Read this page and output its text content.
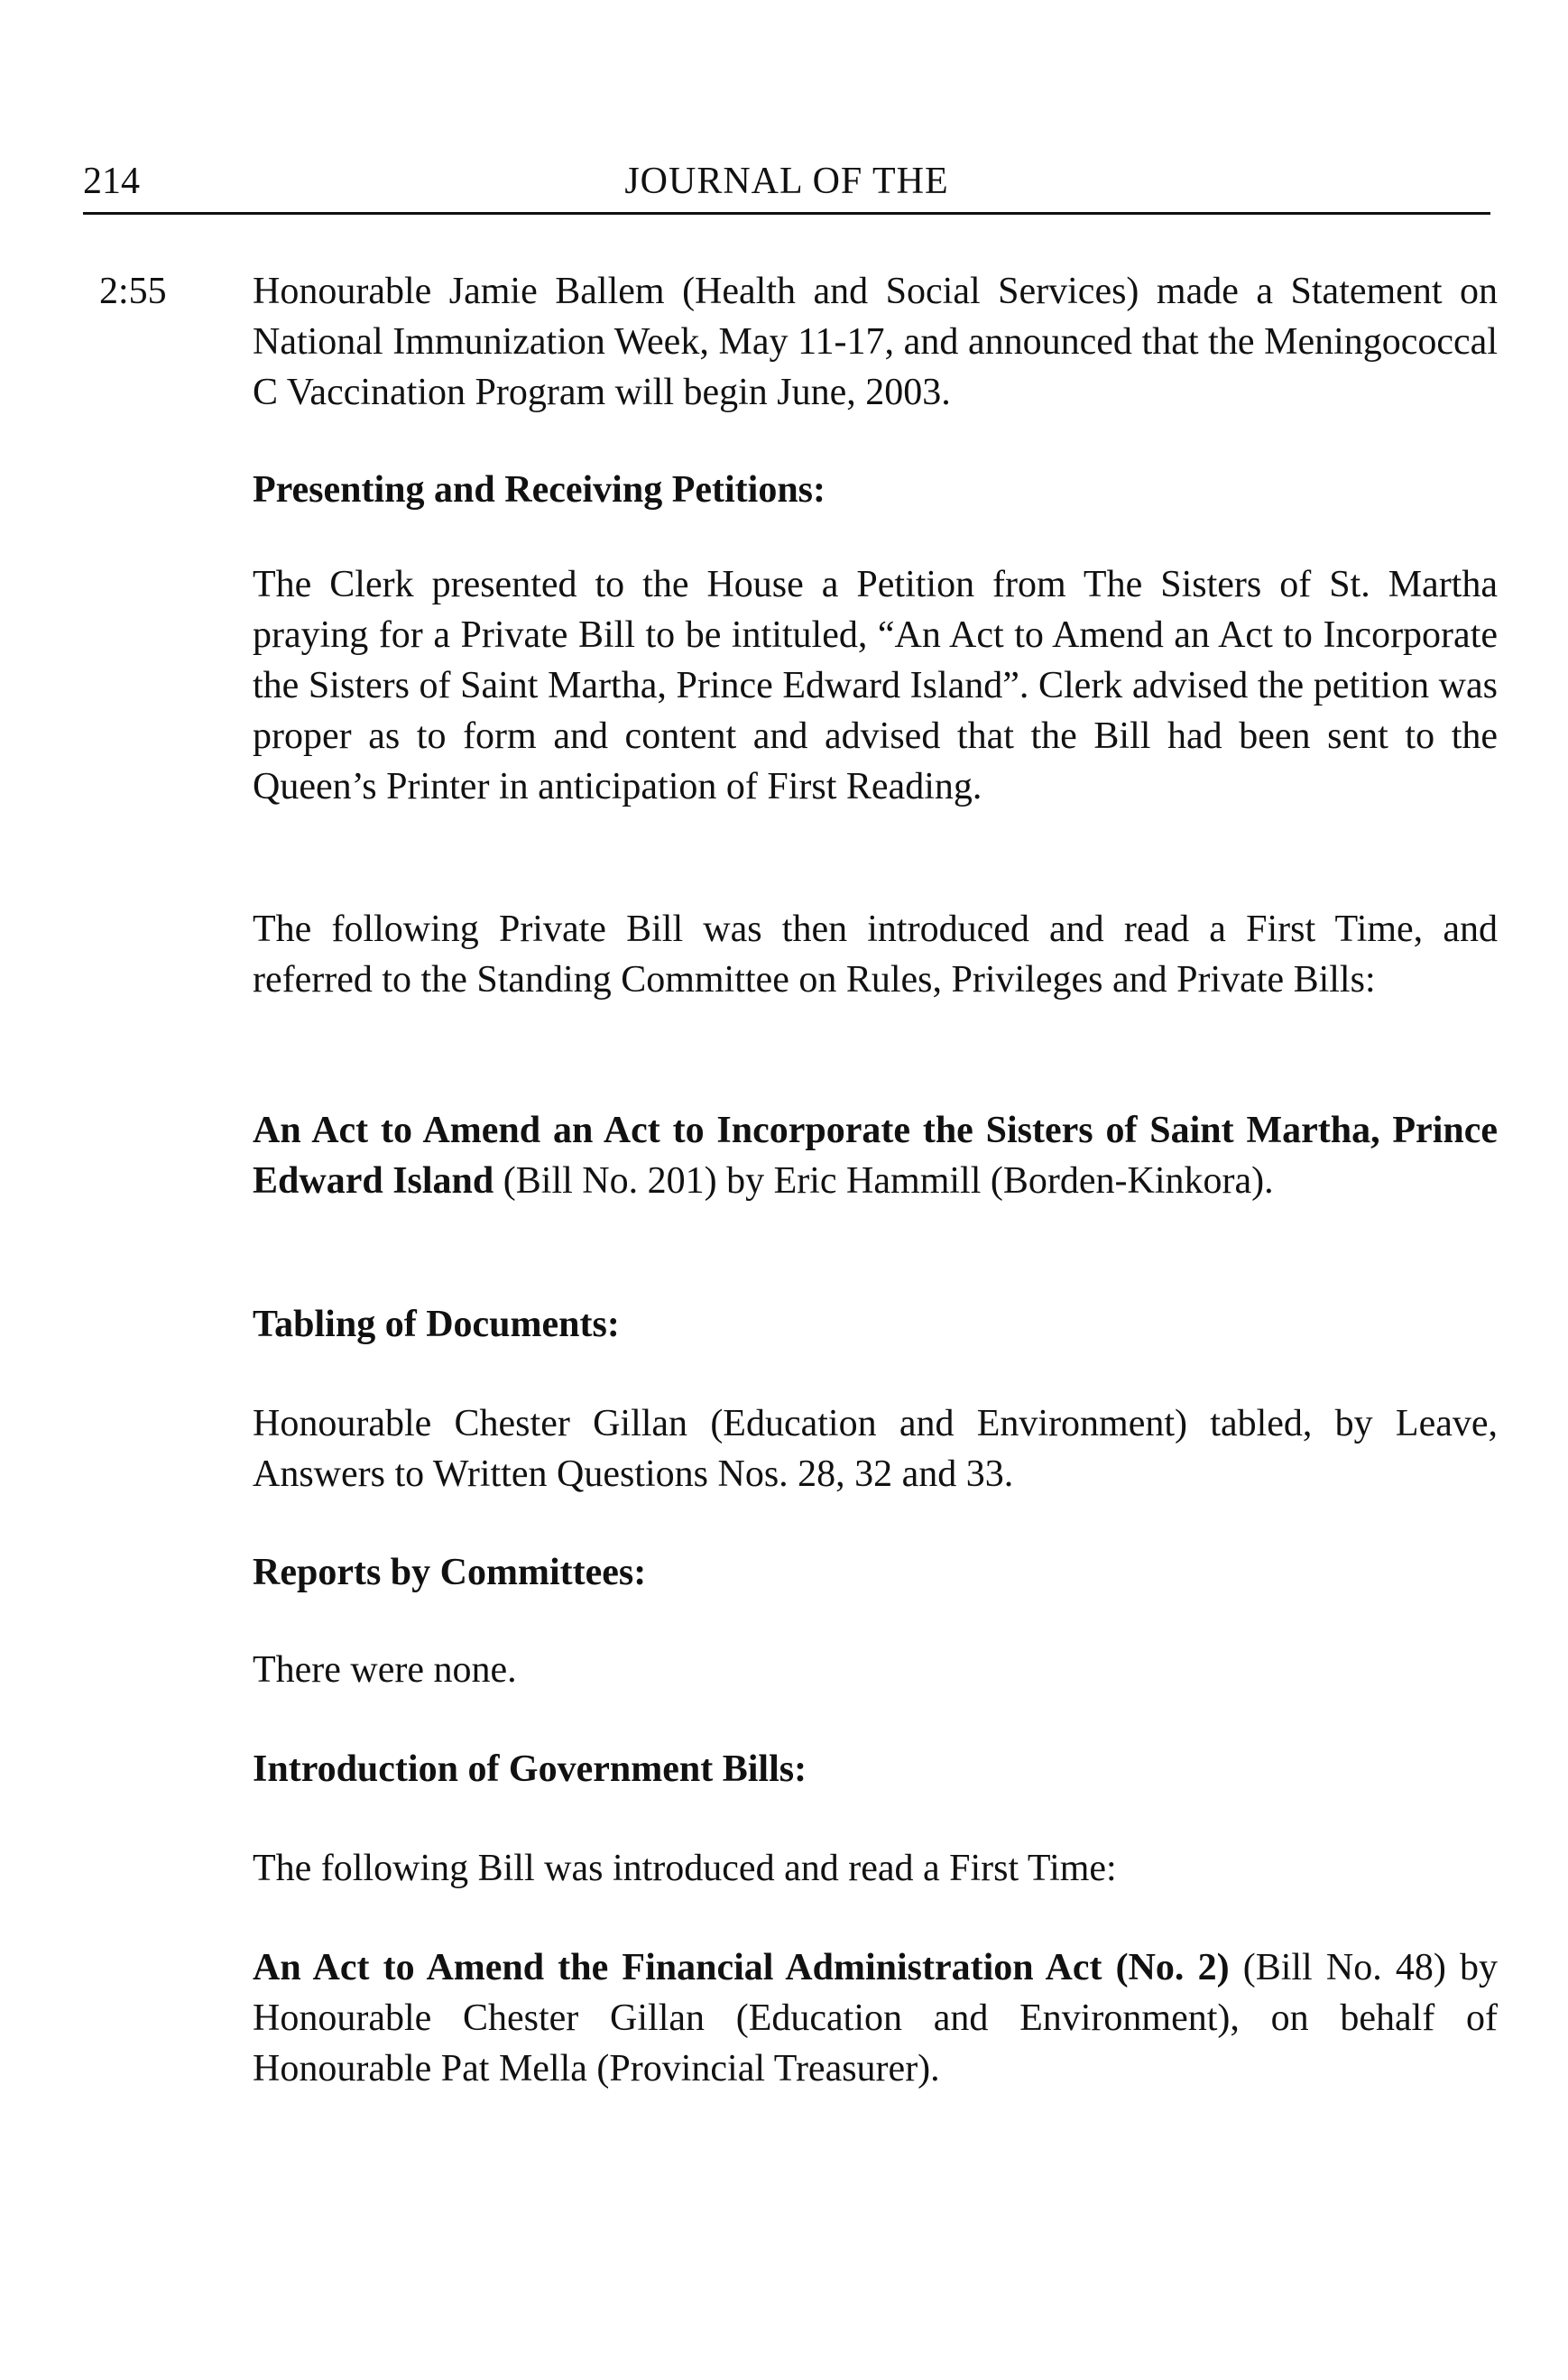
214	JOURNAL OF THE
2:55 Honourable Jamie Ballem (Health and Social Services) made a Statement on National Immunization Week, May 11-17, and announced that the Meningococcal C Vaccination Program will begin June, 2003.

Presenting and Receiving Petitions:

The Clerk presented to the House a Petition from The Sisters of St. Martha praying for a Private Bill to be intituled, “An Act to Amend an Act to Incorporate the Sisters of Saint Martha, Prince Edward Island”. Clerk advised the petition was proper as to form and content and advised that the Bill had been sent to the Queen’s Printer in anticipation of First Reading.

The following Private Bill was then introduced and read a First Time, and referred to the Standing Committee on Rules, Privileges and Private Bills:

An Act to Amend an Act to Incorporate the Sisters of Saint Martha, Prince Edward Island (Bill No. 201) by Eric Hammill (Borden-Kinkora).

Tabling of Documents:

Honourable Chester Gillan (Education and Environment) tabled, by Leave, Answers to Written Questions Nos. 28, 32 and 33.

Reports by Committees:

There were none.

Introduction of Government Bills:

The following Bill was introduced and read a First Time:

An Act to Amend the Financial Administration Act (No. 2) (Bill No. 48) by Honourable Chester Gillan (Education and Environment), on behalf of Honourable Pat Mella (Provincial Treasurer).
